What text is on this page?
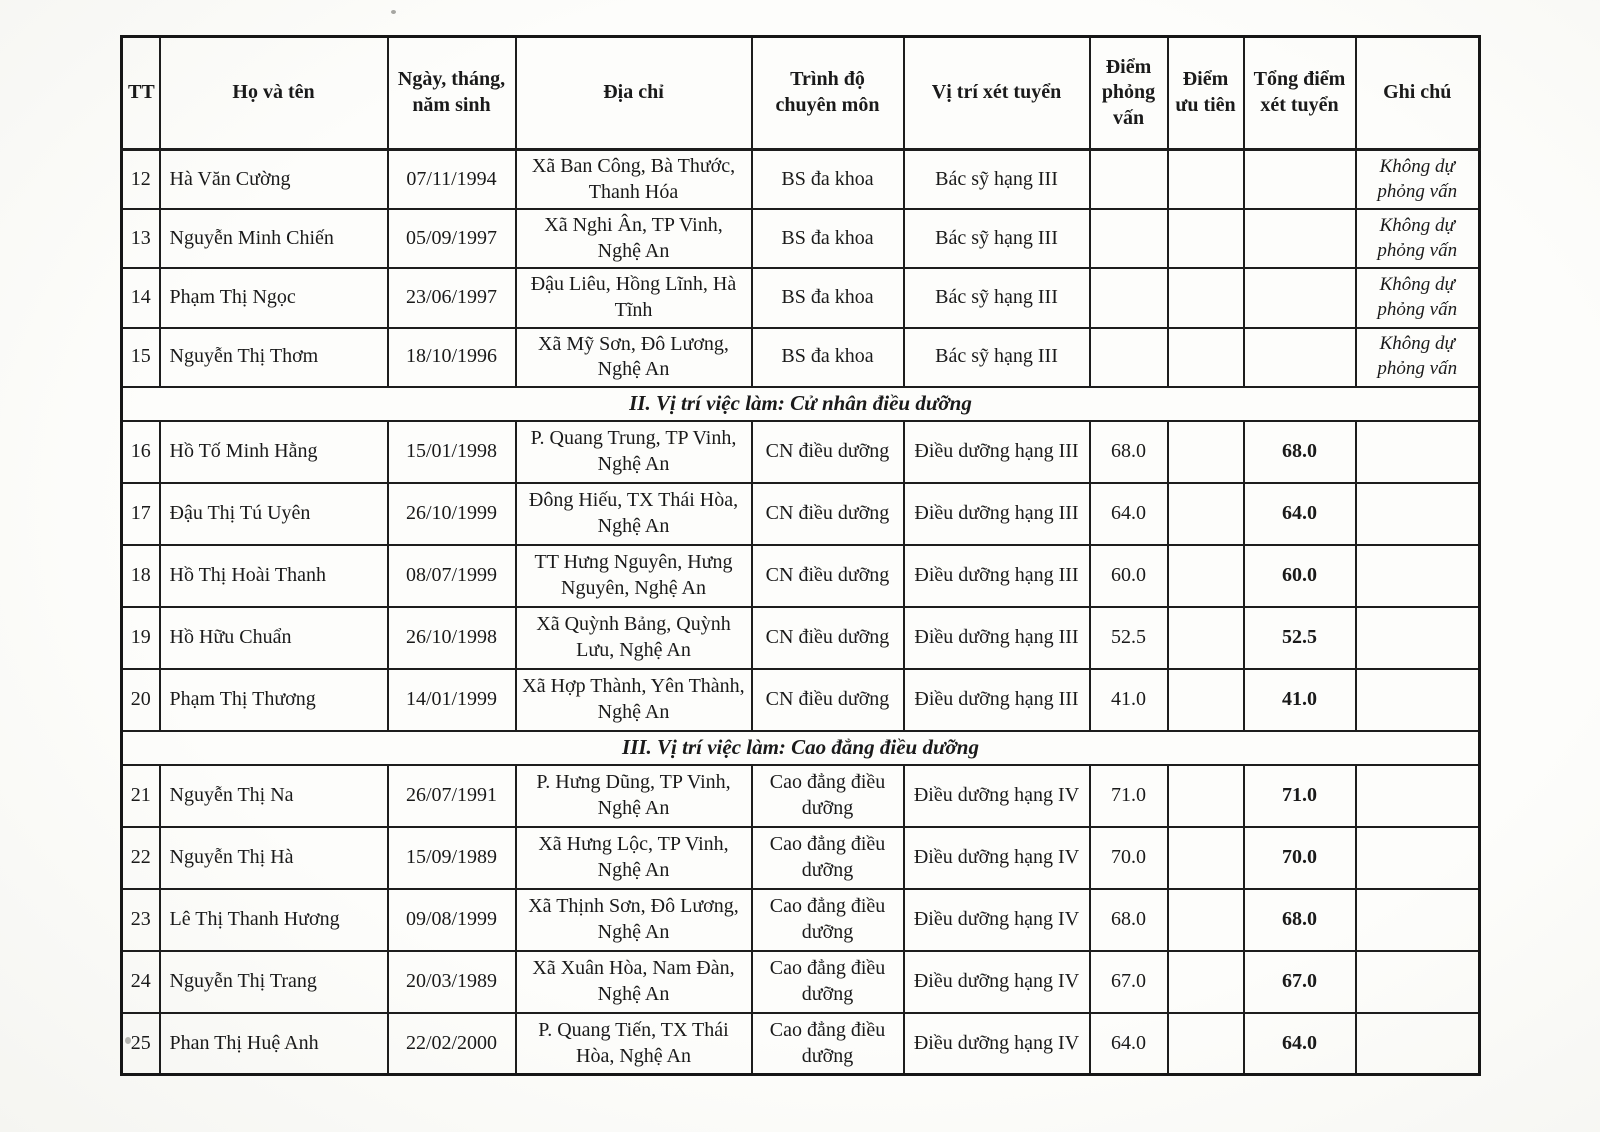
TT	Họ và tên	Ngày, tháng, năm sinh	Địa chỉ	Trình độ chuyên môn	Vị trí xét tuyển	Điểm phỏng vấn	Điểm ưu tiên	Tổng điểm xét tuyển	Ghi chú
12	Hà Văn Cường	07/11/1994	Xã Ban Công, Bà Thước, Thanh Hóa	BS đa khoa	Bác sỹ hạng III				Không dự phỏng vấn
13	Nguyễn Minh Chiến	05/09/1997	Xã Nghi Ân, TP Vinh, Nghệ An	BS đa khoa	Bác sỹ hạng III				Không dự phỏng vấn
14	Phạm Thị Ngọc	23/06/1997	Đậu Liêu, Hồng Lĩnh, Hà Tĩnh	BS đa khoa	Bác sỹ hạng III				Không dự phỏng vấn
15	Nguyễn Thị Thơm	18/10/1996	Xã Mỹ Sơn, Đô Lương, Nghệ An	BS đa khoa	Bác sỹ hạng III				Không dự phỏng vấn
II. Vị trí việc làm: Cử nhân điều dưỡng									
16	Hồ Tố Minh Hằng	15/01/1998	P. Quang Trung, TP Vinh, Nghệ An	CN điều dưỡng	Điều dưỡng hạng III	68.0		68.0	
17	Đậu Thị Tú Uyên	26/10/1999	Đông Hiếu, TX Thái Hòa, Nghệ An	CN điều dưỡng	Điều dưỡng hạng III	64.0		64.0	
18	Hồ Thị Hoài Thanh	08/07/1999	TT Hưng Nguyên, Hưng Nguyên, Nghệ An	CN điều dưỡng	Điều dưỡng hạng III	60.0		60.0	
19	Hồ Hữu Chuẩn	26/10/1998	Xã Quỳnh Bảng, Quỳnh Lưu, Nghệ An	CN điều dưỡng	Điều dưỡng hạng III	52.5		52.5	
20	Phạm Thị Thương	14/01/1999	Xã Hợp Thành, Yên Thành, Nghệ An	CN điều dưỡng	Điều dưỡng hạng III	41.0		41.0	
III. Vị trí việc làm: Cao đẳng điều dưỡng									
21	Nguyễn Thị Na	26/07/1991	P. Hưng Dũng, TP Vinh, Nghệ An	Cao đẳng điều dưỡng	Điều dưỡng hạng IV	71.0		71.0	
22	Nguyễn Thị Hà	15/09/1989	Xã Hưng Lộc, TP Vinh, Nghệ An	Cao đẳng điều dưỡng	Điều dưỡng hạng IV	70.0		70.0	
23	Lê Thị Thanh Hương	09/08/1999	Xã Thịnh Sơn, Đô Lương, Nghệ An	Cao đẳng điều dưỡng	Điều dưỡng hạng IV	68.0		68.0	
24	Nguyễn Thị Trang	20/03/1989	Xã Xuân Hòa, Nam Đàn, Nghệ An	Cao đẳng điều dưỡng	Điều dưỡng hạng IV	67.0		67.0	
25	Phan Thị Huệ Anh	22/02/2000	P. Quang Tiến, TX Thái Hòa, Nghệ An	Cao đẳng điều dưỡng	Điều dưỡng hạng IV	64.0		64.0	
